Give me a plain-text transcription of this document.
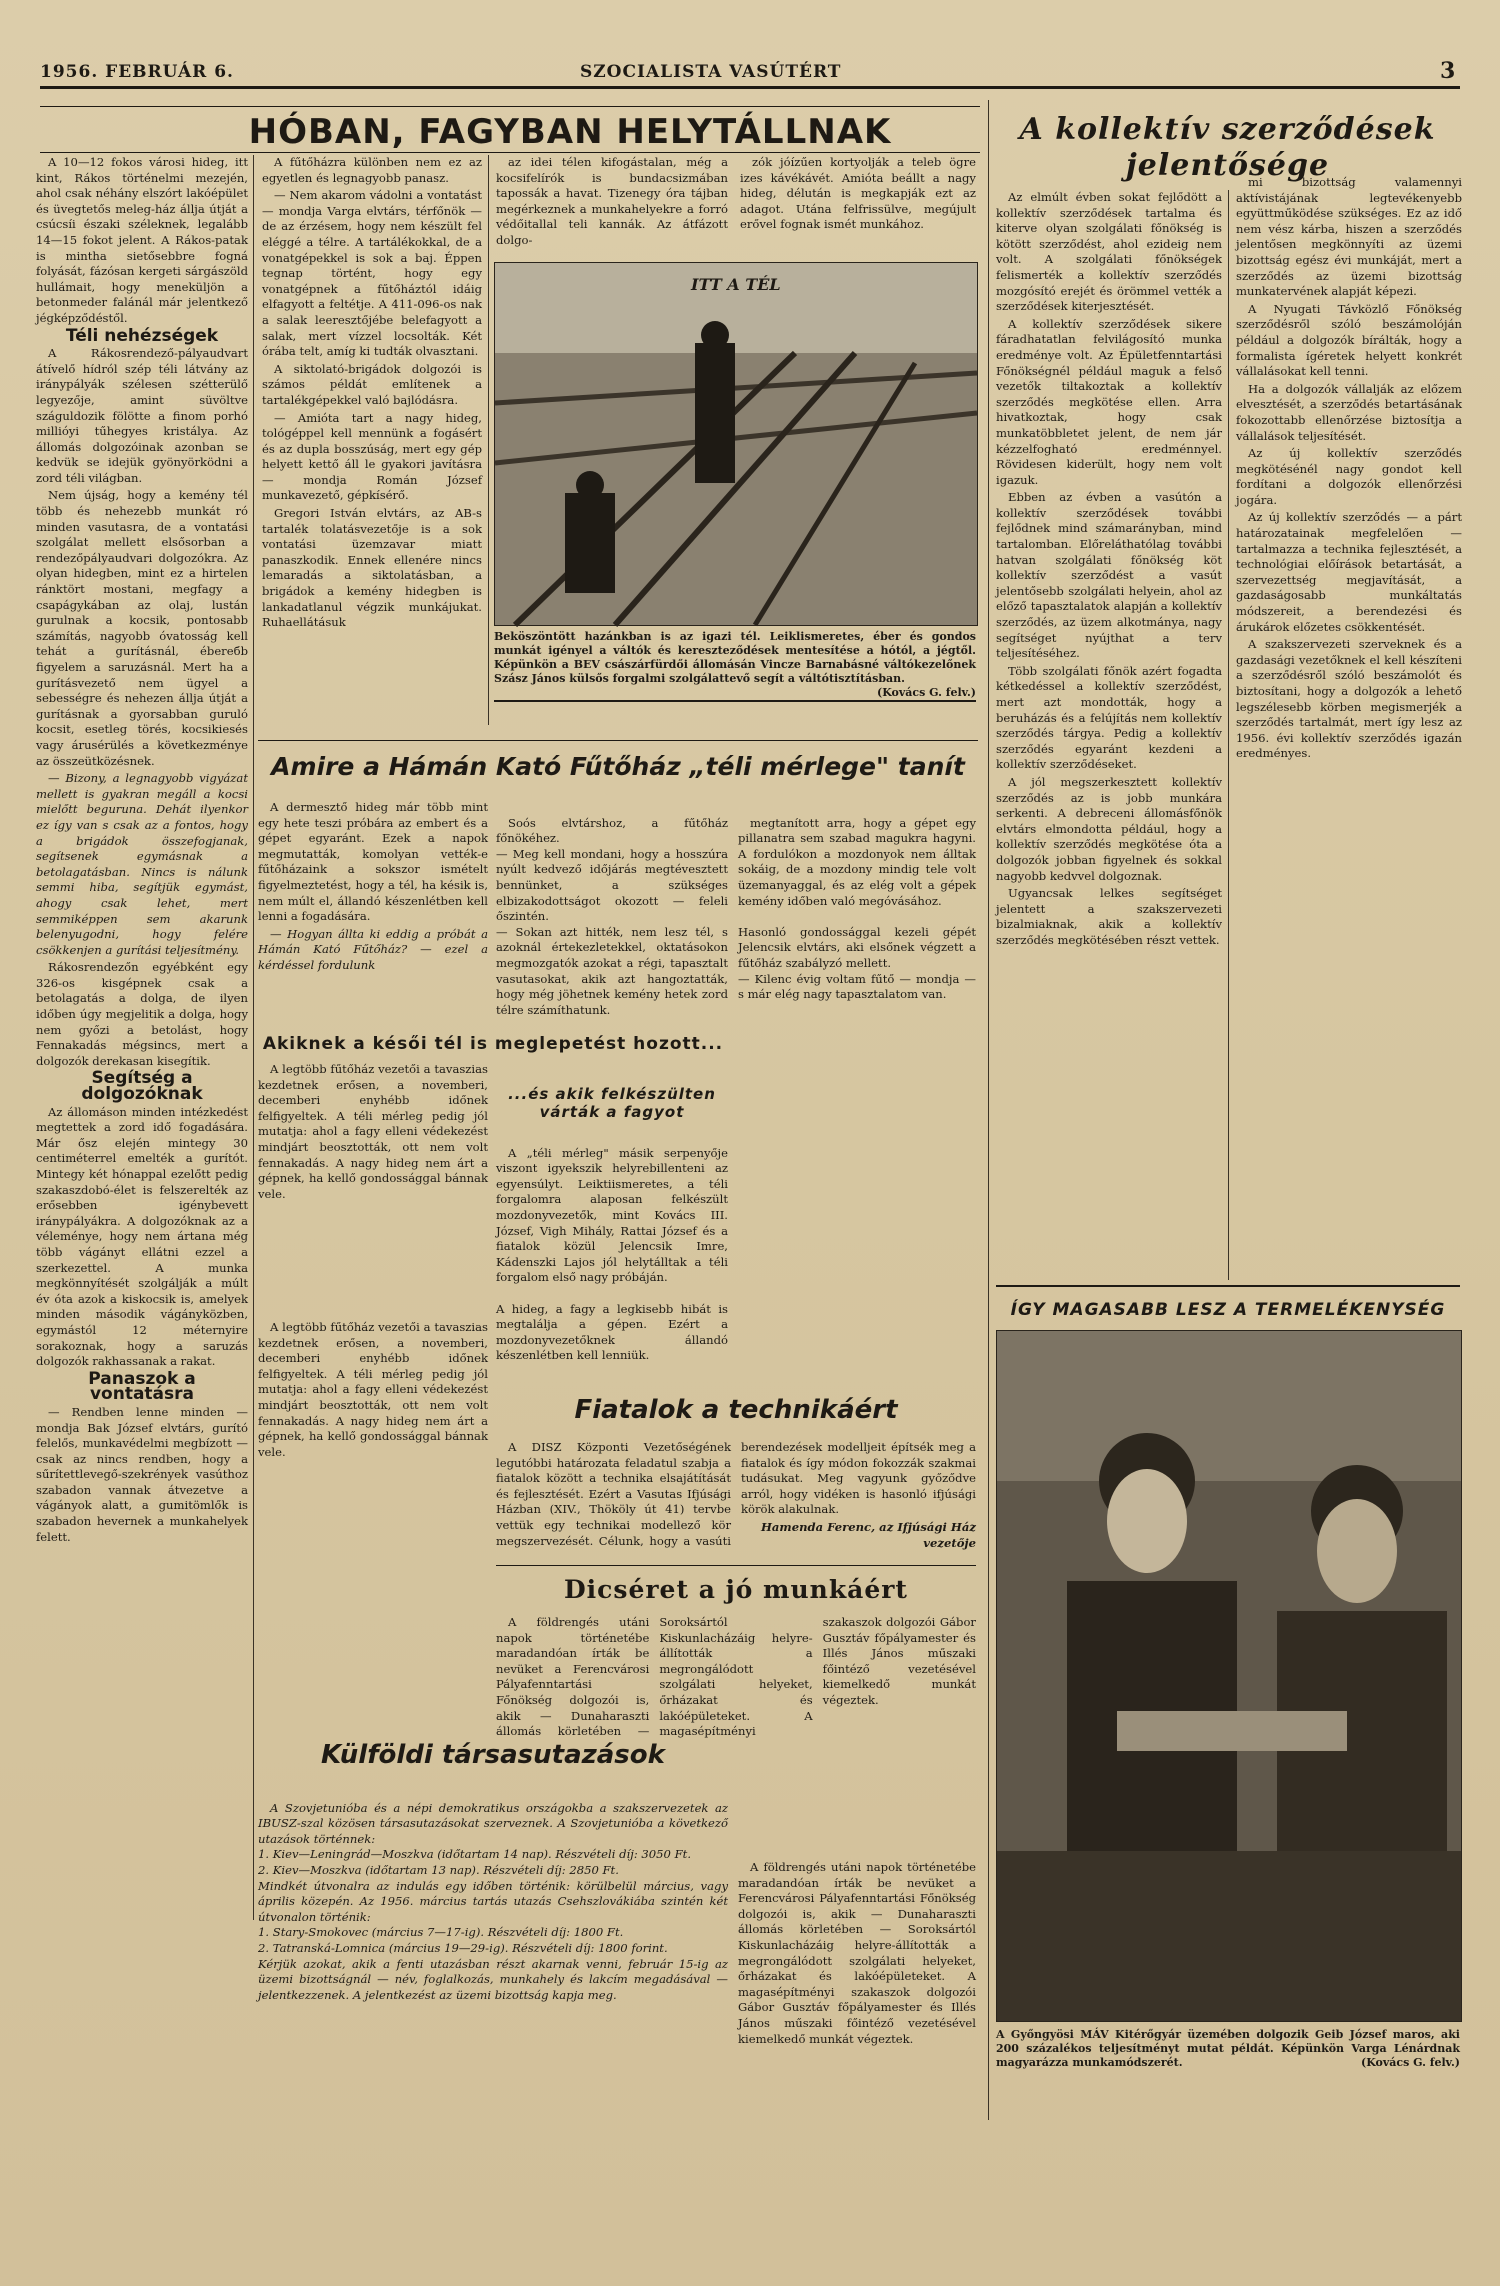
1956. FEBRUÁR 6.	SZOCIALISTA VASÚTÉRT	3
HÓBAN, FAGYBAN HELYTÁLLNAK

A 10—12 fokos városi hideg, itt kint, Rákos történelmi mezején, ahol csak néhány elszórt lakóépület és üvegtetős meleg-ház állja útját a csúcsíi északi széleknek, legalább 14—15 fokot jelent. A Rákos-patak is mintha sietősebbre fogná folyását, fázósan kergeti sárgászöld hullámait, hogy meneküljön a betonmeder falánál már jelentkező jégképződéstől.

Téli nehézségek

A Rákosrendező-pályaudvart átívelő hídról szép téli látvány az iránypályák szélesen szétterülő legyezője, amint süvöltve száguldozik fölötte a finom porhó millióyi tűhegyes kristálya. Az állomás dolgozóinak azonban se kedvük se idejük gyönyörködni a zord téli világban.

Nem újság, hogy a kemény tél több és nehezebb munkát ró minden vasutasra, de a vontatási szolgálat mellett elsősorban a rendezőpályaudvari dolgozókra. Az olyan hidegben, mint ez a hirtelen ránktört mostani, megfagy a csapágykában az olaj, lustán gurulnak a kocsik, pontosabb számítás, nagyobb óvatosság kell tehát a gurításnál, ébereбb figyelem a saruzásnál. Mert ha a gurításvezető nem ügyel a sebességre és nehezen állja útját a gurításnak a gyorsabban guruló kocsit, esetleg törés, kocsikiesés vagy árusérülés a következménye az összeütközésnek.

— Bizony, a legnagyobb vigyázat mellett is gyakran megáll a kocsi mielőtt beguruna. Dehát ilyenkor ez így van s csak az a fontos, hogy a brigádok összefogjanak, segítsenek egymásnak a betolagatásban. Nincs is nálunk semmi hiba, segítjük egymást, ahogy csak lehet, mert semmiképpen sem akarunk belenyugodni, hogy felére csökkenjen a gurítási teljesítmény.

Rákosrendezőn egyébként egy 326-os kisgépnek csak a betolagatás a dolga, de ilyen időben úgy megjelitik a dolga, hogy nem győzi a betolást, hogy Fennakadás mégsincs, mert a dolgozók derekasan kisegítik.

Segítség a dolgozóknak

Az állomáson minden intézkedést megtettek a zord idő fogadására. Már ősz elején mintegy 30 centiméterrel emelték a gurítót. Mintegy két hónappal ezelőtt pedig szakaszdobó-élet is felszerelték az erősebben igénybevett iránypályákra. A dolgozóknak az a véleménye, hogy nem ártana még több vágányt ellátni ezzel a szerkezettel. A munka megkönnyítését szolgálják a múlt év óta azok a kiskocsik is, amelyek minden második vágányközben, egymástól 12 méternyire sorakoznak, hogy a saruzás dolgozók rakhassanak a rakat.

Panaszok a vontatásra

— Rendben lenne minden — mondja Bak József elvtárs, gurító felelős, munkavédelmi megbízott — csak az nincs rendben, hogy a sűrítettlevegő-szekrények vasúthoz szabadon vannak átvezetve a vágányok alatt, a gumitömlők is szabadon hevernek a munkahelyek felett.

A fűtőházra különben nem ez az egyetlen és legnagyobb panasz.

— Nem akarom vádolni a vontatást — mondja Varga elvtárs, térfőnök — de az érzésem, hogy nem készült fel eléggé a télre. A tartálékokkal, de a vonatgépekkel is sok a baj. Éppen tegnap történt, hogy egy vonatgépnek a fűtőháztól idáig elfagyott a feltétje. A 411-096-os nak a salak leeresztőjébe belefagyott a salak, mert vízzel locsolták. Két órába telt, amíg ki tudták olvasztani.

A siktolató-brigádok dolgozói is számos példát említenek a tartalékgépekkel való bajlódásra.

— Amióta tart a nagy hideg, tológéppel kell mennünk a fogásért és az dupla bosszúság, mert egy gép helyett kettő áll le gyakori javításra — mondja Román József munkavezető, gépkísérő.

Gregori István elvtárs, az AB-s tartalék tolatásvezetője is a sok vontatási üzemzavar miatt panaszkodik. Ennek ellenére nincs lemaradás a siktolatásban, a brigádok a kemény hidegben is lankadatlanul végzik munkájukat. Ruhaellátásuk

az idei télen kifogástalan, még a kocsifelírók is bundacsizmában tapossák a havat. Tizenegy óra tájban megérkeznek a munkahelyekre a forró védőitallal teli kannák. Az átfázott dolgo-

zók jóízűen kortyolják a teleb ögre izes kávékávét. Amióta beállt a nagy hideg, délután is megkapják ezt az adagot. Utána felfrissülve, megújult erővel fognak ismét munkához.

ITT A TÉL
Beköszöntött hazánkban is az igazi tél. Leiklismeretes, éber és gondos munkát igényel a váltók és kereszteződések mentesítése a hótól, a jégtől. Képünkön a BEV császárfürdői állomásán Vincze Barnabásné váltókezelőnek Szász János külsős forgalmi szolgálattevő segít a váltótisztításban.
(Kovács G. felv.)
Amire a Hámán Kató Fűtőház „téli mérlege" tanít

A dermesztő hideg már több mint egy hete teszi próbára az embert és a gépet egyaránt. Ezek a napok megmutatták, komolyan vették-e fűtőházaink a sokszor ismételt figyelmeztetést, hogy a tél, ha késik is, nem múlt el, állandó készenlétben kell lenni a fogadására.

— Hogyan állta ki eddig a próbát a Hámán Kató Fűtőház? — ezel a kérdéssel fordulunk

Soós elvtárshoz, a fűtőház főnökéhez.
— Meg kell mondani, hogy a hosszúra nyúlt kedvező időjárás megtévesztett bennünket, a szükséges elbizakodottságot okozott — feleli őszintén.
— Sokan azt hitték, nem lesz tél, s azoknál értekezletekkel, oktatásokon megmozgatók azokat a régi, tapasztalt vasutasokat, akik azt hangoztatták, hogy még jöhetnek kemény hetek zord télre számíthatunk.

megtanított arra, hogy a gépet egy pillanatra sem szabad magukra hagyni. A fordulókon a mozdonyok nem álltak sokáig, de a mozdony mindig tele volt üzemanyaggal, és az elég volt a gépek kemény időben való megóvásához.

Hasonló gondossággal kezeli gépét Jelencsik elvtárs, aki elsőnek végzett a fűtőház szabályzó mellett.
— Kilenc évig voltam fűtő — mondja — s már elég nagy tapasztalatom van.

Akiknek a késői tél is meglepetést hozott...

A legtöbb fűtőház vezetői a tavaszias kezdetnek erősen, a novemberi, decemberi enyhébb időnek felfigyeltek. A téli mérleg pedig jól mutatja: ahol a fagy elleni védekezést mindjárt beosztották, ott nem volt fennakadás. A nagy hideg nem árt a gépnek, ha kellő gondossággal bánnak vele.

...és akik felkészülten várták a fagyot

A „téli mérleg" másik serpenyője viszont igyekszik helyrebillenteni az egyensúlyt. Leiktiismeretes, a téli forgalomra alaposan felkészült mozdonyvezetők, mint Kovács III. József, Vigh Mihály, Rattai József és a fiatalok közül Jelencsik Imre, Kádenszki Lajos jól helytálltak a téli forgalom első nagy próbáján.

A hideg, a fagy a legkisebb hibát is megtalálja a gépen. Ezért a mozdonyvezetőknek állandó készenlétben kell lenniük.

A legtöbb fűtőház vezetői a tavaszias kezdetnek erősen, a novemberi, decemberi enyhébb időnek felfigyeltek. A téli mérleg pedig jól mutatja: ahol a fagy elleni védekezést mindjárt beosztották, ott nem volt fennakadás. A nagy hideg nem árt a gépnek, ha kellő gondossággal bánnak vele.

Fiatalok a technikáért

A DISZ Központi Vezetőségének legutóbbi határozata feladatul szabja a fiatalok között a technika elsajátítását és fejlesztését. Ezért a Vasutas Ifjúsági Házban (XIV., Thököly út 41) tervbe vettük egy technikai modellező kör megszervezését. Célunk, hogy a vasúti berendezések modelljeit építsék meg a fiatalok és így módon fokozzák szakmai tudásukat. Meg vagyunk győződve arról, hogy vidéken is hasonló ifjúsági körök alakulnak.

Hamenda Ferenc, az Ifjúsági Ház vezetője

Dicséret a jó munkáért

A földrengés utáni napok történetébe maradandóan írták be nevüket a Ferencvárosi Pályafenntartási Főnökség dolgozói is, akik — Dunaharaszti állomás körletében — Soroksártól Kiskunlacházáig helyre-állították a megrongálódott szolgálati helyeket, őrházakat és lakóépületeket. A magasépítményi szakaszok dolgozói Gábor Gusztáv főpályamester és Illés János műszaki főintéző vezetésével kiemelkedő munkát végeztek.

Külföldi társasutazások

A Szovjetunióba és a népi demokratikus országokba a szakszervezetek az IBUSZ-szal közösen társasutazásokat szerveznek. A Szovjetunióba a következő utazások történnek:
1. Kiev—Leningrád—Moszkva (időtartam 14 nap). Részvételi díj: 3050 Ft.
2. Kiev—Moszkva (időtartam 13 nap). Részvételi díj: 2850 Ft.
Mindkét útvonalra az indulás egy időben történik: körülbelül március, vagy április közepén. Az 1956. március tartás utazás Csehszlovákiába szintén két útvonalon történik:
1. Stary-Smokovec (március 7—17-ig). Részvételi díj: 1800 Ft.
2. Tatranská-Lomnica (március 19—29-ig). Részvételi díj: 1800 forint.
Kérjük azokat, akik a fenti utazásban részt akarnak venni, február 15-ig az üzemi bizottságnál — név, foglalkozás, munkahely és lakcím megadásával — jelentkezzenek. A jelentkezést az üzemi bizottság kapja meg.

A földrengés utáni napok történetébe maradandóan írták be nevüket a Ferencvárosi Pályafenntartási Főnökség dolgozói is, akik — Dunaharaszti állomás körletében — Soroksártól Kiskunlacházáig helyre-állították a megrongálódott szolgálati helyeket, őrházakat és lakóépületeket. A magasépítményi szakaszok dolgozói Gábor Gusztáv főpályamester és Illés János műszaki főintéző vezetésével kiemelkedő munkát végeztek.

A kollektív szerződések jelentősége

Az elmúlt évben sokat fejlődött a kollektív szerződések tartalma és kiterve olyan szolgálati főnökség is kötött szerződést, ahol ezideig nem volt. A szolgálati főnökségek felismerték a kollektív szerződés mozgósító erejét és örömmel vették a szerződések kiterjesztését.

A kollektív szerződések sikere fáradhatatlan felvilágosító munka eredménye volt. Az Épületfenntartási Főnökségnél például maguk a felső vezetők tiltakoztak a kollektív szerződés megkötése ellen. Arra hivatkoztak, hogy csak munkatöbbletet jelent, de nem jár kézzelfogható eredménnyel. Rövidesen kiderült, hogy nem volt igazuk.

Ebben az évben a vasútón a kollektív szerződések további fejlődnek mind számarányban, mind tartalomban. Előreláthatólag további hatvan szolgálati főnökség köt kollektív szerződést a vasút jelentősebb szolgálati helyein, ahol az előző tapasztalatok alapján a kollektív szerződés, az üzem alkotmánya, nagy segítséget nyújthat a terv teljesítéséhez.

Több szolgálati főnök azért fogadta kétkedéssel a kollektív szerződést, mert azt mondották, hogy a beruházás és a felújítás nem kollektív szerződés tárgya. Pedig a kollektív szerződés egyaránt kezdeni a kollektív szerződéseket.

A jól megszerkesztett kollektív szerződés az is jobb munkára serkenti. A debreceni állomásfőnök elvtárs elmondotta például, hogy a kollektív szerződés megkötése óta a dolgozók jobban figyelnek és sokkal nagyobb kedvvel dolgoznak.

Ugyancsak lelkes segítséget jelentett a szakszervezeti bizalmiaknak, akik a kollektív szerződés megkötésében részt vettek.

mi bizottság valamennyi aktívistájának legtevékenyebb együttműködése szükséges. Ez az idő nem vész kárba, hiszen a szerződés jelentősen megkönnyíti az üzemi bizottság egész évi munkáját, mert a szerződés az üzemi bizottság munkatervének alapját képezi.

A Nyugati Távközlő Főnökség szerződésről szóló beszámolóján például a dolgozók bírálták, hogy a formalista ígéretek helyett konkrét vállalásokat kell tenni.

Ha a dolgozók vállalják az előzem elvesztését, a szerződés betartásának fokozottabb ellenőrzése biztosítja a vállalások teljesítését.

Az új kollektív szerződés megkötésénél nagy gondot kell fordítani a dolgozók ellenőrzési jogára.

Az új kollektív szerződés — a párt határozatainak megfelelően — tartalmazza a technika fejlesztését, a technológiai előírások betartását, a szervezettség megjavítását, a gazdaságosabb munkáltatás módszereit, a berendezési és árukárok előzetes csökkentését.

A szakszervezeti szerveknek és a gazdasági vezetőknek el kell készíteni a szerződésről szóló beszámolót és biztosítani, hogy a dolgozók a lehető legszélesebb körben megismerjék a szerződés tartalmát, mert így lesz az 1956. évi kollektív szerződés igazán eredményes.

ÍGY MAGASABB LESZ A TERMELÉKENYSÉG
A Győngyösi MÁV Kitérőgyár üzemében dolgozik Geib József maros, aki 200 százalékos teljesítményt mutat példát. Képünkön Varga Lénárdnak magyarázza munkamódszerét.	(Kovács G. felv.)
